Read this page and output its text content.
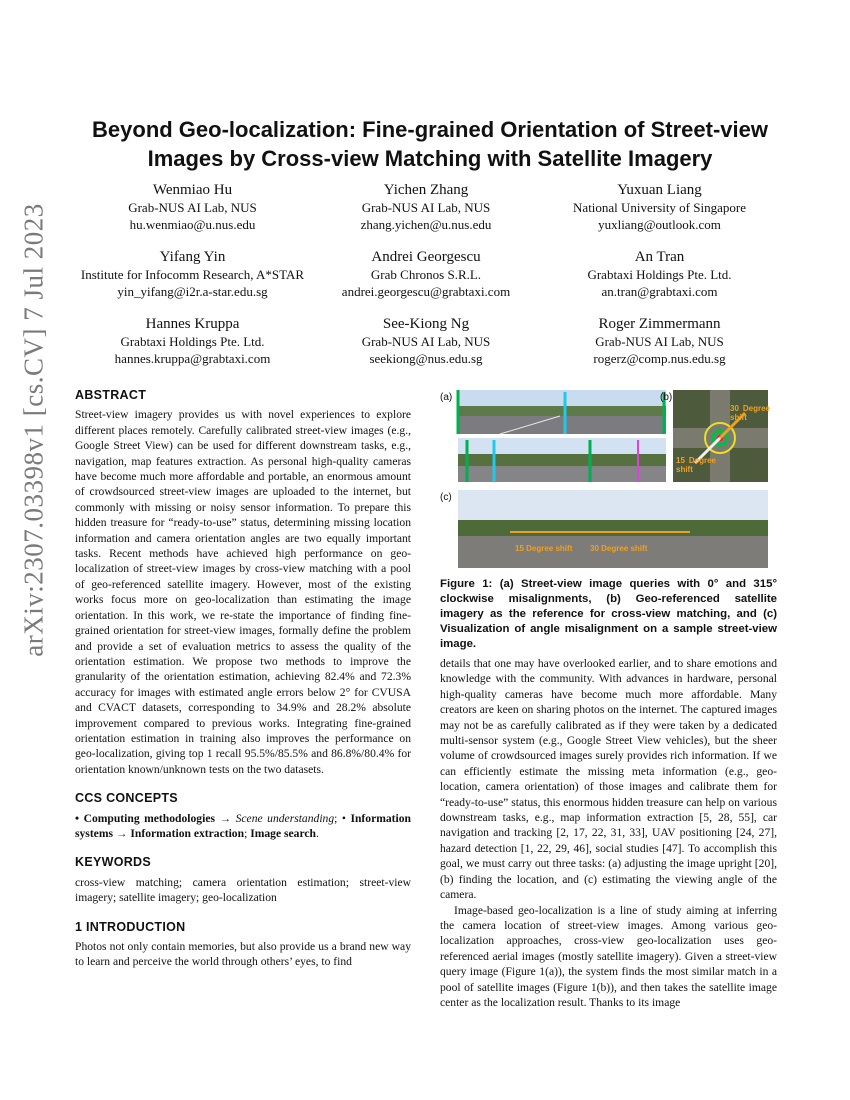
arXiv:2307.03398v1 [cs.CV] 7 Jul 2023
Beyond Geo-localization: Fine-grained Orientation of Street-view Images by Cross-view Matching with Satellite Imagery
Wenmiao Hu
Grab-NUS AI Lab, NUS
hu.wenmiao@u.nus.edu
Yichen Zhang
Grab-NUS AI Lab, NUS
zhang.yichen@u.nus.edu
Yuxuan Liang
National University of Singapore
yuxliang@outlook.com
Yifang Yin
Institute for Infocomm Research, A*STAR
yin_yifang@i2r.a-star.edu.sg
Andrei Georgescu
Grab Chronos S.R.L.
andrei.georgescu@grabtaxi.com
An Tran
Grabtaxi Holdings Pte. Ltd.
an.tran@grabtaxi.com
Hannes Kruppa
Grabtaxi Holdings Pte. Ltd.
hannes.kruppa@grabtaxi.com
See-Kiong Ng
Grab-NUS AI Lab, NUS
seekiong@nus.edu.sg
Roger Zimmermann
Grab-NUS AI Lab, NUS
rogerz@comp.nus.edu.sg
ABSTRACT

Street-view imagery provides us with novel experiences to explore different places remotely. Carefully calibrated street-view images (e.g., Google Street View) can be used for different downstream tasks, e.g., navigation, map features extraction. As personal high-quality cameras have become much more affordable and portable, an enormous amount of crowdsourced street-view images are uploaded to the internet, but commonly with missing or noisy sensor information. To prepare this hidden treasure for “ready-to-use” status, determining missing location information and camera orientation angles are two equally important tasks. Recent methods have achieved high performance on geo-localization of street-view images by cross-view matching with a pool of geo-referenced satellite imagery. However, most of the existing works focus more on geo-localization than estimating the image orientation. In this work, we re-state the importance of finding fine-grained orientation for street-view images, formally define the problem and provide a set of evaluation metrics to assess the quality of the orientation estimation. We propose two methods to improve the granularity of the orientation estimation, achieving 82.4% and 72.3% accuracy for images with estimated angle errors below 2° for CVUSA and CVACT datasets, corresponding to 34.9% and 28.2% absolute improvement compared to previous works. Integrating fine-grained orientation estimation in training also improves the performance on geo-localization, giving top 1 recall 95.5%/85.5% and 86.8%/80.4% for orientation known/unknown tests on the two datasets.

CCS CONCEPTS

• Computing methodologies → Scene understanding; • Information systems → Information extraction; Image search.

KEYWORDS

cross-view matching; camera orientation estimation; street-view imagery; satellite imagery; geo-localization

1 INTRODUCTION

Photos not only contain memories, but also provide us a brand new way to learn and perceive the world through others’ eyes, to find

(a)	(b)
(c)
30 Degree shift
15 Degree shift
15 Degree shift 30 Degree shift
Figure 1: (a) Street-view image queries with 0° and 315° clockwise misalignments, (b) Geo-referenced satellite imagery as the reference for cross-view matching, and (c) Visualization of angle misalignment on a sample street-view image.

details that one may have overlooked earlier, and to share emotions and knowledge with the community. With advances in hardware, personal high-quality cameras have become much more affordable. Many creators are keen on sharing photos on the internet. The captured images may not be as carefully calibrated as if they were taken by a dedicated multi-sensor system (e.g., Google Street View vehicles), but the sheer volume of crowdsourced images surely provides rich information. If we can efficiently estimate the missing meta information (e.g., geo-location, camera orientation) of those images and calibrate them for “ready-to-use” status, this enormous hidden treasure can help on various downstream tasks, e.g., map information extraction [5, 28, 55], car navigation and tracking [2, 17, 22, 31, 33], UAV positioning [24, 27], hazard detection [1, 22, 29, 46], social studies [47]. To accomplish this goal, we must carry out three tasks: (a) adjusting the image upright [20], (b) finding the location, and (c) estimating the viewing angle of the camera.

Image-based geo-localization is a line of study aiming at inferring the camera location of street-view images. Among various geo-localization approaches, cross-view geo-localization uses geo-referenced aerial images (mostly satellite imagery). Given a street-view query image (Figure 1(a)), the system finds the most similar match in a pool of satellite images (Figure 1(b)), and then takes the satellite image center as the localization result. Thanks to its image
